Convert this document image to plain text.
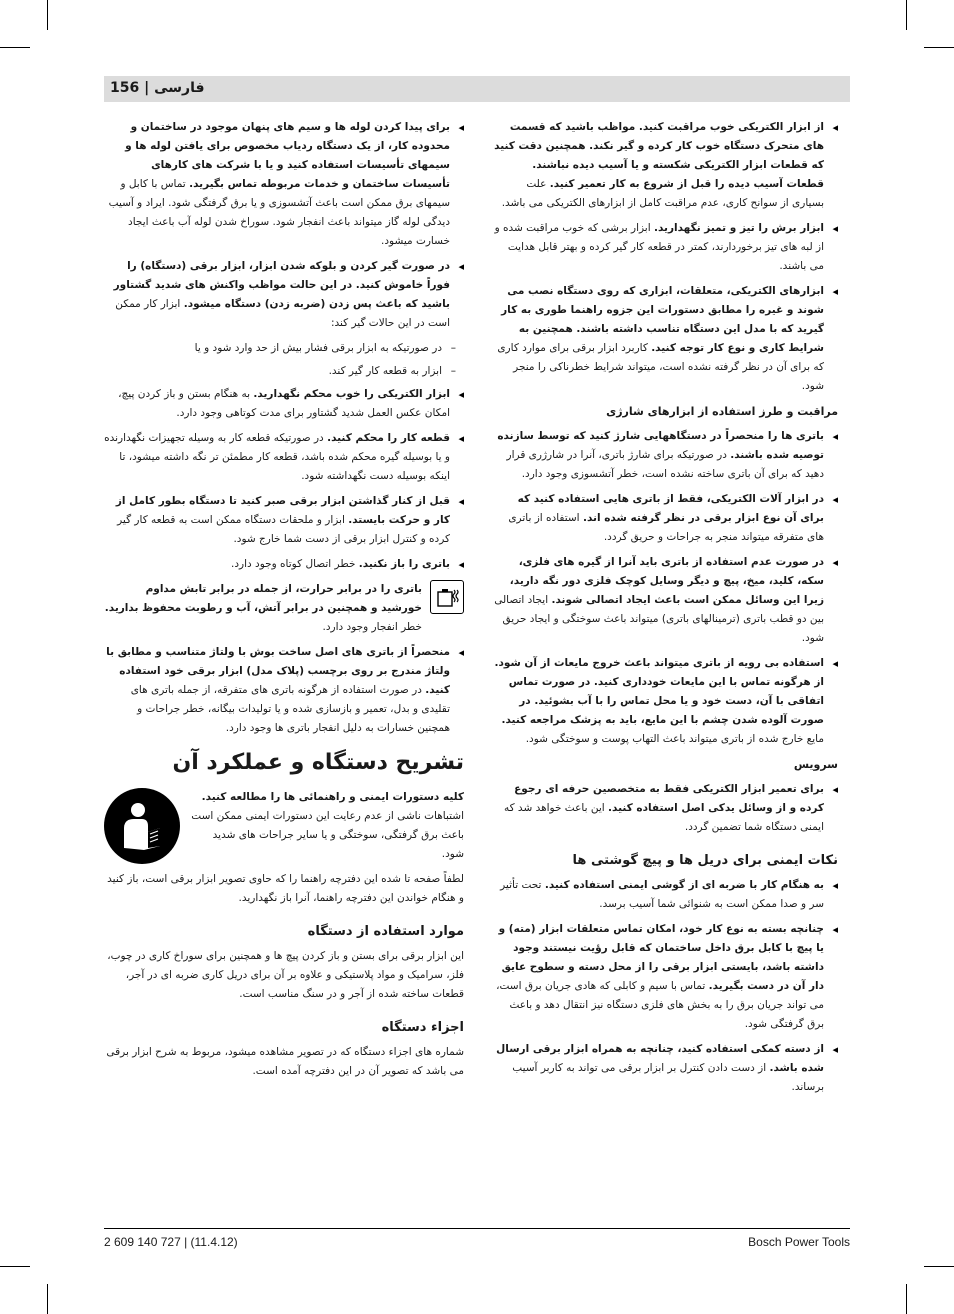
156 | فارسی
◂ از ابزار الکتریکی خوب مراقبت کنید. مواظب باشید که قسمت های متحرک دستگاه خوب کار کرده و گیر نکند. همچنین دقت کنید که قطعات ابزار الکتریکی شکسته و یا آسیب دیده نباشند. قطعات آسیب دیده را قبل از شروع به کار تعمیر کنید. علت بسیاری از سوانح کاری، عدم مراقبت کامل از ابزارهای الکتریکی می باشد.
◂ ابزار برش را تیز و تمیز نگهدارید. ابزار برشی که خوب مراقبت شده و از لبه های تیز برخوردارند، کمتر در قطعه کار گیر کرده و بهتر قابل هدایت می باشند.
◂ ابزارهای الکتریکی، متعلقات، ابزاری که روی دستگاه نصب می شوند و غیره را مطابق دستورات این جزوه راهنما طوری به کار گیرید که با مدل این دستگاه تناسب داشته باشند. همچنین به شرایط کاری و نوع کار توجه کنید. کاربرد ابزار برقی برای موارد کاری که برای آن در نظر گرفته نشده است، میتواند شرایط خطرناکی را منجر شود.
مراقبت و طرز استفاده از ابزارهای شارژی
◂ باتری ها را منحصراً در دستگاههایی شارژ کنید که توسط سازنده توصیه شده باشند. در صورتیکه برای شارژ باتری، آنرا در شارژری قرار دهید که برای آن باتری ساخته نشده است، خطر آتشسوزی وجود دارد.
◂ در ابزار آلات الکتریکی، فقط از باتری هایی استفاده کنید که برای آن نوع ابزار برقی در نظر گرفته شده اند. استفاده از باتری های متفرقه میتواند منجر به جراحات و حریق گردد.
◂ در صورت عدم استفاده از باتری باید آنرا از گیره های فلزی، سکه، کلید، میخ، پیچ و دیگر وسایل کوچک فلزی دور نگه دارید، زیرا این وسائل ممکن است باعث ایجاد اتصالی شوند. ایجاد اتصالی بین دو قطب باتری (ترمینالهای باتری) میتواند باعث سوختگی و ایجاد حریق شود.
◂ استفاده بی رویه از باتری میتواند باعث خروج مایعات از آن شود. از هرگونه تماس با این مایعات خودداری کنید. در صورت تماس اتفاقی با آن، دست خود و یا محل تماس را با آب بشوئید. در صورت آلوده شدن چشم با این مایع، باید به پزشک مراجعه کنید. مایع خارج شده از باتری میتواند باعث التهاب پوست و سوختگی شود.
سرویس
◂ برای تعمیر ابزار الکتریکی فقط به متخصصین حرفه ای رجوع کرده و از وسائل یدکی اصل استفاده کنید. این باعث خواهد شد که ایمنی دستگاه شما تضمین گردد.
نکات ایمنی برای دریل ها و پیچ گوشتی ها
◂ به هنگام کار با ضربه ای از گوشی ایمنی استفاده کنید. تحت تأثیر سر و صدا ممکن است به شنوائی شما آسیب برسد.
◂ چنانچه بسته به نوع کار خود، امکان تماس متعلقات ابزار (مته) و یا پیچ با کابل برق داخل ساختمان که قابل رؤیت نیستند وجود داشته باشد، بایستی ابزار برقی را از محل دسته و سطوح عایق دار آن در دست بگیرید. تماس با سیم و کابلی که هادی جریان برق است، می تواند جریان برق را به بخش های فلزی دستگاه نیز انتقال دهد و باعث برق گرفتگی شود.
◂ از دسته کمکی استفاده کنید، چنانچه به همراه ابزار برقی ارسال شده باشد. از دست دادن کنترل بر ابزار برقی می تواند به کاربر آسیب برساند.
◂ برای پیدا کردن لوله ها و سیم های پنهان موجود در ساختمان و محدوده کار، از یک دستگاه ردیاب مخصوص برای یافتن لوله ها و سیمهای تأسیسات استفاده کنید و یا با شرکت های کارهای تأسیسات ساختمان و خدمات مربوطه تماس بگیرید. تماس با کابل و سیمهای برق ممکن است باعث آتشسوزی و یا برق گرفتگی شود. ایراد و آسیب دیدگی لوله گاز میتواند باعث انفجار شود. سوراخ شدن لوله آب باعث ایجاد خسارت میشود.
◂ در صورت گیر کردن و بلوکه شدن ابزار، ابزار برقی (دستگاه) را فوراً خاموش کنید. در این حالت مواظب واکنش های شدید گشتاور باشید که باعث پس زدن (ضربه زدن) دستگاه میشود. ابزار کار ممکن است در این حالات گیر کند:
– در صورتیکه به ابزار برقی فشار بیش از حد وارد شود و یا
– ابزار به قطعه کار گیر کند.
◂ ابزار الکتریکی را خوب محکم نگهدارید. به هنگام بستن و باز کردن پیچ، امکان عکس العمل شدید گشتاور برای مدت کوتاهی وجود دارد.
◂ قطعه کار را محکم کنید. در صورتیکه قطعه کار به وسیله تجهیزات نگهدارنده و یا بوسیله گیره محکم شده باشد، قطعه کار مطمئن تر نگه داشته میشود، تا اینکه بوسیله دست نگهداشته شود.
◂ قبل از کنار گذاشتن ابزار برقی صبر کنید تا دستگاه بطور کامل از کار و حرکت بایستد. ابزار و ملحقات دستگاه ممکن است به قطعه کار گیر کرده و کنترل ابزار برقی از دست شما خارج شود.
◂ باتری را باز نکنید. خطر اتصال کوتاه وجود دارد.
باتری را در برابر حرارت، از جمله در برابر تابش مداوم خورشید و همچنین در برابر آتش، آب و رطوبت محفوظ بدارید. خطر انفجار وجود دارد.
◂ منحصراً از باتری های اصل ساخت بوش با ولتاژ متناسب و مطابق با ولتاژ مندرج بر روی برچسب (پلاک مدل) ابزار برقی خود استفاده کنید. در صورت استفاده از هرگونه باتری های متفرقه، از جمله باتری های تقلیدی و بدل، تعمیر و بازسازی شده و یا تولیدات بیگانه، خطر جراحات و همچنین خسارات به دلیل انفجار باتری ها وجود دارد.
تشریح دستگاه و عملکرد آن
کلیه دستورات ایمنی و راهنمائی ها را مطالعه کنید. اشتباهات ناشی از عدم رعایت این دستورات ایمنی ممکن است باعث برق گرفتگی، سوختگی و یا سایر جراحات های شدید شود.
لطفاً صفحه تا شده این دفترچه راهنما را که حاوی تصویر ابزار برقی است، باز کنید و هنگام خواندن این دفترچه راهنما، آنرا باز نگهدارید.
موارد استفاده از دستگاه
این ابزار برقی برای بستن و باز کردن پیچ ها و همچنین برای سوراخ کاری در چوب، فلز، سرامیک و مواد پلاستیکی و علاوه بر آن برای دریل کاری ضربه ای در آجر، قطعات ساخته شده از آجر و در سنگ مناسب است.
اجزاء دستگاه
شماره های اجزاء دستگاه که در تصویر مشاهده میشود، مربوط به شرح ابزار برقی می باشد که تصویر آن در این دفترچه آمده است.
2 609 140 727 | (11.4.12)	Bosch Power Tools
